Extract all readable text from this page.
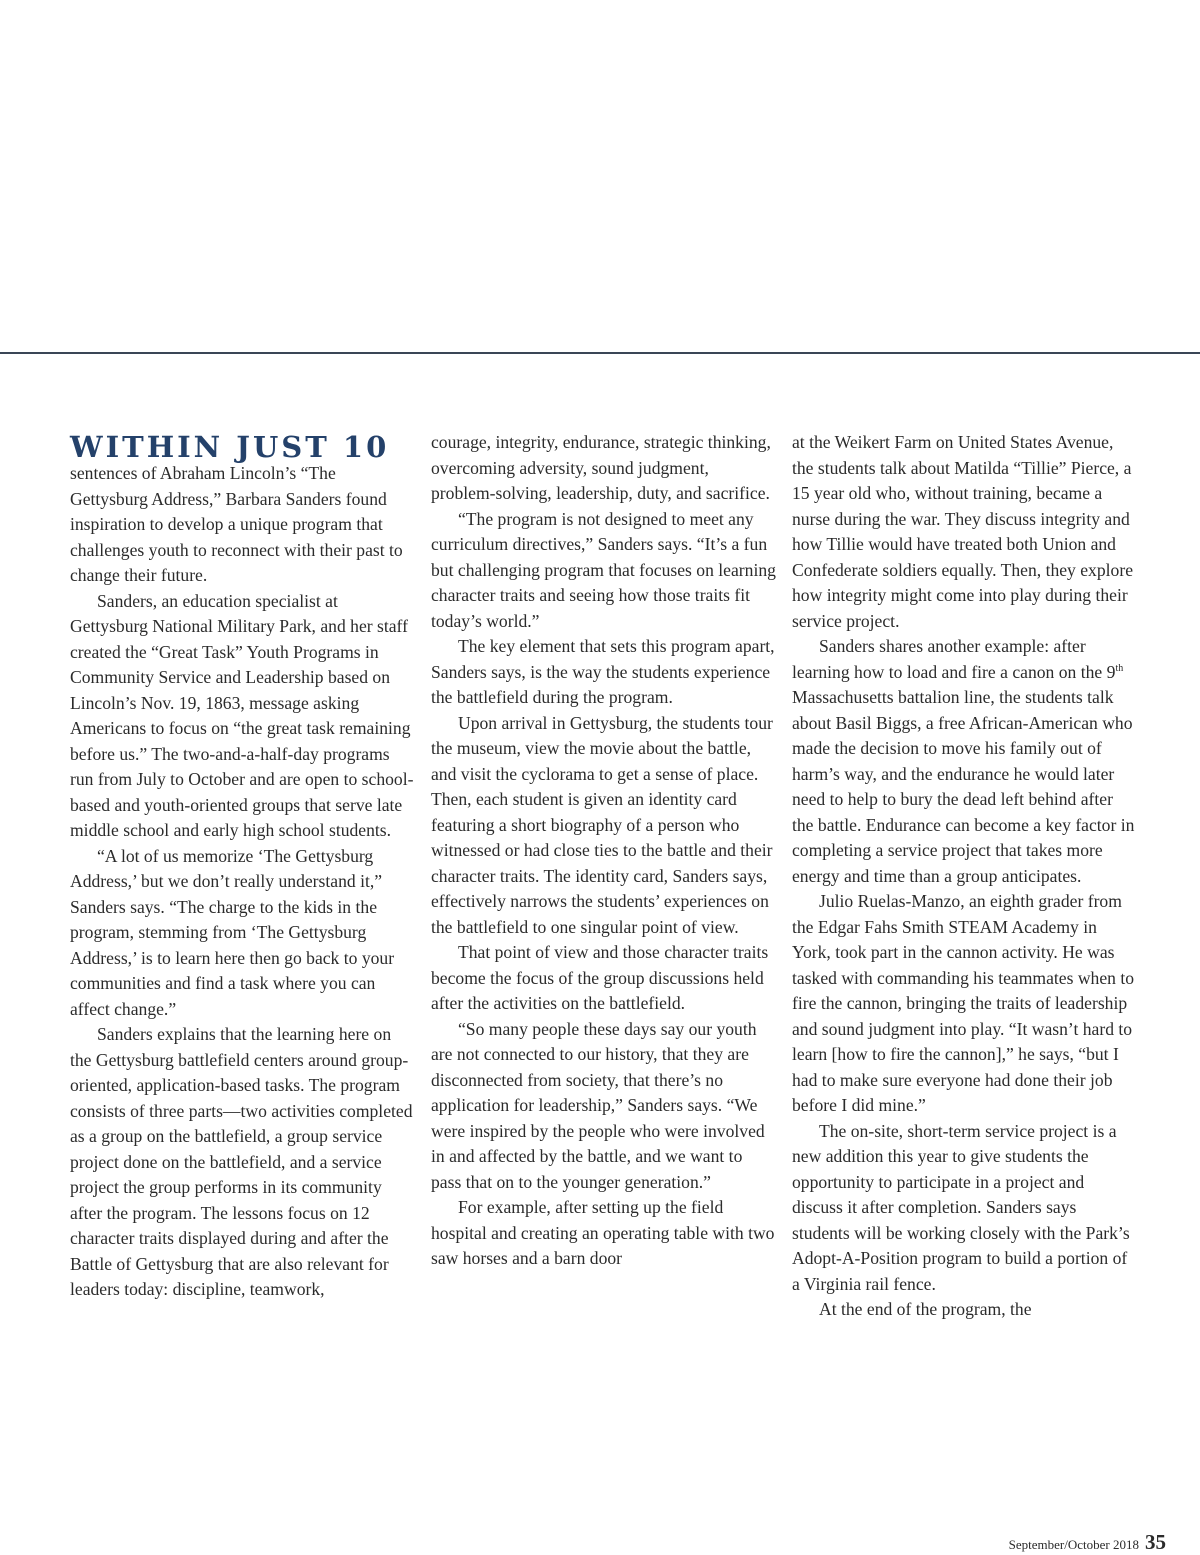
WITHIN JUST 10

sentences of Abraham Lincoln’s “The Gettysburg Address,” Barbara Sanders found inspiration to develop a unique program that challenges youth to reconnect with their past to change their future.

Sanders, an education specialist at Gettysburg National Military Park, and her staff created the “Great Task” Youth Programs in Community Service and Leadership based on Lincoln’s Nov. 19, 1863, message asking Americans to focus on “the great task remaining before us.” The two-and-a-half-day programs run from July to October and are open to school-based and youth-oriented groups that serve late middle school and early high school students.

“A lot of us memorize ‘The Gettysburg Address,’ but we don’t really understand it,” Sanders says. “The charge to the kids in the program, stemming from ‘The Gettysburg Address,’ is to learn here then go back to your communities and find a task where you can affect change.”

Sanders explains that the learning here on the Gettysburg battlefield centers around group-oriented, application-based tasks. The program consists of three parts—two activities completed as a group on the battlefield, a group service project done on the battlefield, and a service project the group performs in its community after the program. The lessons focus on 12 character traits displayed during and after the Battle of Gettysburg that are also relevant for leaders today: discipline, teamwork,

courage, integrity, endurance, strategic thinking, overcoming adversity, sound judgment, problem-solving, leadership, duty, and sacrifice.

“The program is not designed to meet any curriculum directives,” Sanders says. “It’s a fun but challenging program that focuses on learning character traits and seeing how those traits fit today’s world.”

The key element that sets this program apart, Sanders says, is the way the students experience the battlefield during the program.

Upon arrival in Gettysburg, the students tour the museum, view the movie about the battle, and visit the cyclorama to get a sense of place. Then, each student is given an identity card featuring a short biography of a person who witnessed or had close ties to the battle and their character traits. The identity card, Sanders says, effectively narrows the students’ experiences on the battlefield to one singular point of view.

That point of view and those character traits become the focus of the group discussions held after the activities on the battlefield.

“So many people these days say our youth are not connected to our history, that they are disconnected from society, that there’s no application for leadership,” Sanders says. “We were inspired by the people who were involved in and affected by the battle, and we want to pass that on to the younger generation.”

For example, after setting up the field hospital and creating an operating table with two saw horses and a barn door

at the Weikert Farm on United States Avenue, the students talk about Matilda “Tillie” Pierce, a 15 year old who, without training, became a nurse during the war. They discuss integrity and how Tillie would have treated both Union and Confederate soldiers equally. Then, they explore how integrity might come into play during their service project.

Sanders shares another example: after learning how to load and fire a canon on the 9th Massachusetts battalion line, the students talk about Basil Biggs, a free African-American who made the decision to move his family out of harm’s way, and the endurance he would later need to help to bury the dead left behind after the battle. Endurance can become a key factor in completing a service project that takes more energy and time than a group anticipates.

Julio Ruelas-Manzo, an eighth grader from the Edgar Fahs Smith STEAM Academy in York, took part in the cannon activity. He was tasked with commanding his teammates when to fire the cannon, bringing the traits of leadership and sound judgment into play. “It wasn’t hard to learn [how to fire the cannon],” he says, “but I had to make sure everyone had done their job before I did mine.”

The on-site, short-term service project is a new addition this year to give students the opportunity to participate in a project and discuss it after completion. Sanders says students will be working closely with the Park’s Adopt-A-Position program to build a portion of a Virginia rail fence.

At the end of the program, the

September/October 2018 35
